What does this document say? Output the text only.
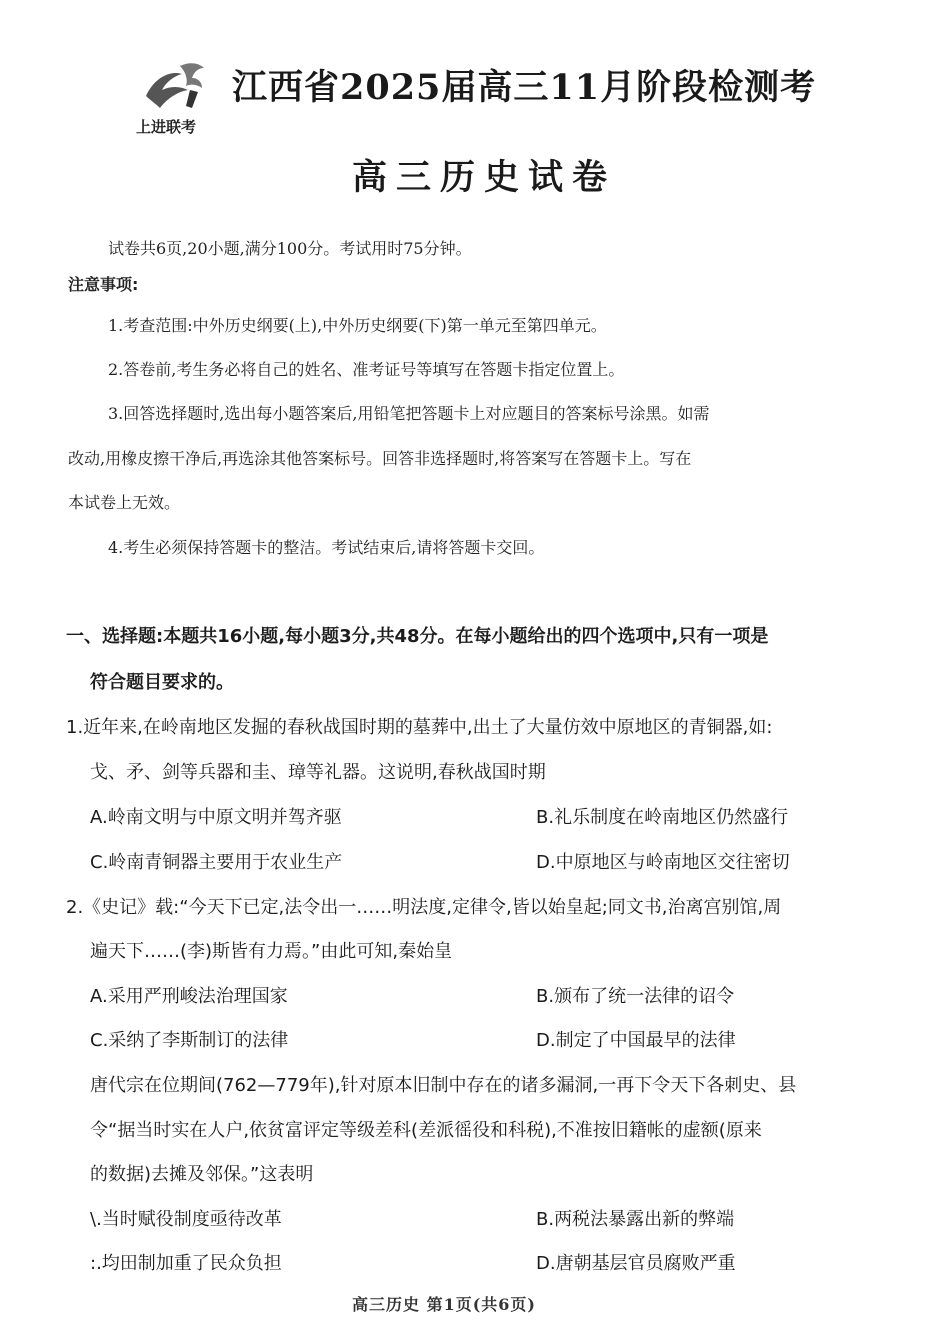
上进联考
江西省2025届高三11月阶段检测考
高三历史试卷
试卷共6页,20小题,满分100分。考试用时75分钟。
注意事项:
1.考查范围:中外历史纲要(上),中外历史纲要(下)第一单元至第四单元。
2.答卷前,考生务必将自己的姓名、准考证号等填写在答题卡指定位置上。
3.回答选择题时,选出每小题答案后,用铅笔把答题卡上对应题目的答案标号涂黑。如需
改动,用橡皮擦干净后,再选涂其他答案标号。回答非选择题时,将答案写在答题卡上。写在
本试卷上无效。
4.考生必须保持答题卡的整洁。考试结束后,请将答题卡交回。
一、选择题:本题共16小题,每小题3分,共48分。在每小题给出的四个选项中,只有一项是
符合题目要求的。
1.近年来,在岭南地区发掘的春秋战国时期的墓葬中,出土了大量仿效中原地区的青铜器,如:
戈、矛、剑等兵器和圭、璋等礼器。这说明,春秋战国时期
A.岭南文明与中原文明并驾齐驱	B.礼乐制度在岭南地区仍然盛行
C.岭南青铜器主要用于农业生产	D.中原地区与岭南地区交往密切
2.《史记》载:“今天下已定,法令出一……明法度,定律令,皆以始皇起;同文书,治离宫别馆,周
遍天下……(李)斯皆有力焉。”由此可知,秦始皇
A.采用严刑峻法治理国家	B.颁布了统一法律的诏令
C.采纳了李斯制订的法律	D.制定了中国最早的法律
唐代宗在位期间(762—779年),针对原本旧制中存在的诸多漏洞,一再下令天下各刺史、县
令“据当时实在人户,依贫富评定等级差科(差派徭役和科税),不准按旧籍帐的虚额(原来
的数据)去摊及邻保。”这表明
\.当时赋役制度亟待改革	B.两税法暴露出新的弊端
:.均田制加重了民众负担	D.唐朝基层官员腐败严重
高三历史 第1页(共6页)
